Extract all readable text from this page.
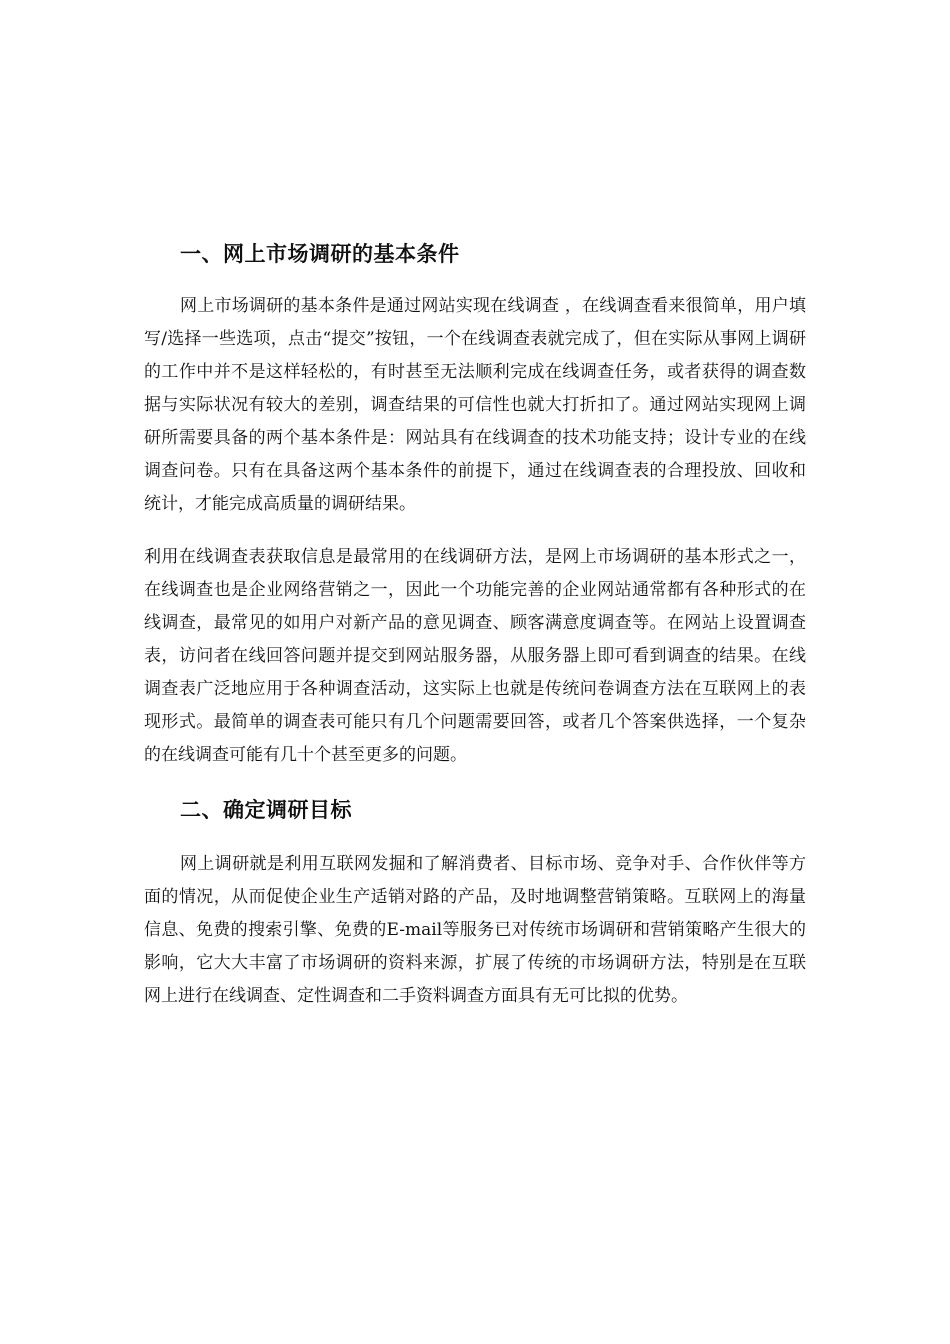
一、网上市场调研的基本条件

网上市场调研的基本条件是通过网站实现在线调查 ，在线调查看来很简单，用户填写/选择一些选项，点击“提交”按钮，一个在线调查表就完成了，但在实际从事网上调研的工作中并不是这样轻松的，有时甚至无法顺利完成在线调查任务，或者获得的调查数据与实际状况有较大的差别，调查结果的可信性也就大打折扣了。通过网站实现网上调研所需要具备的两个基本条件是：网站具有在线调查的技术功能支持；设计专业的在线调查问卷。只有在具备这两个基本条件的前提下，通过在线调查表的合理投放、回收和统计，才能完成高质量的调研结果。

利用在线调查表获取信息是最常用的在线调研方法，是网上市场调研的基本形式之一，在线调查也是企业网络营销之一，因此一个功能完善的企业网站通常都有各种形式的在线调查，最常见的如用户对新产品的意见调查、顾客满意度调查等。在网站上设置调查表，访问者在线回答问题并提交到网站服务器，从服务器上即可看到调查的结果。在线调查表广泛地应用于各种调查活动，这实际上也就是传统问卷调查方法在互联网上的表现形式。最简单的调查表可能只有几个问题需要回答，或者几个答案供选择，一个复杂的在线调查可能有几十个甚至更多的问题。

二、确定调研目标

网上调研就是利用互联网发掘和了解消费者、目标市场、竞争对手、合作伙伴等方面的情况，从而促使企业生产适销对路的产品，及时地调整营销策略。互联网上的海量信息、免费的搜索引擎、免费的E-mail等服务已对传统市场调研和营销策略产生很大的影响，它大大丰富了市场调研的资料来源，扩展了传统的市场调研方法，特别是在互联网上进行在线调查、定性调查和二手资料调查方面具有无可比拟的优势。
